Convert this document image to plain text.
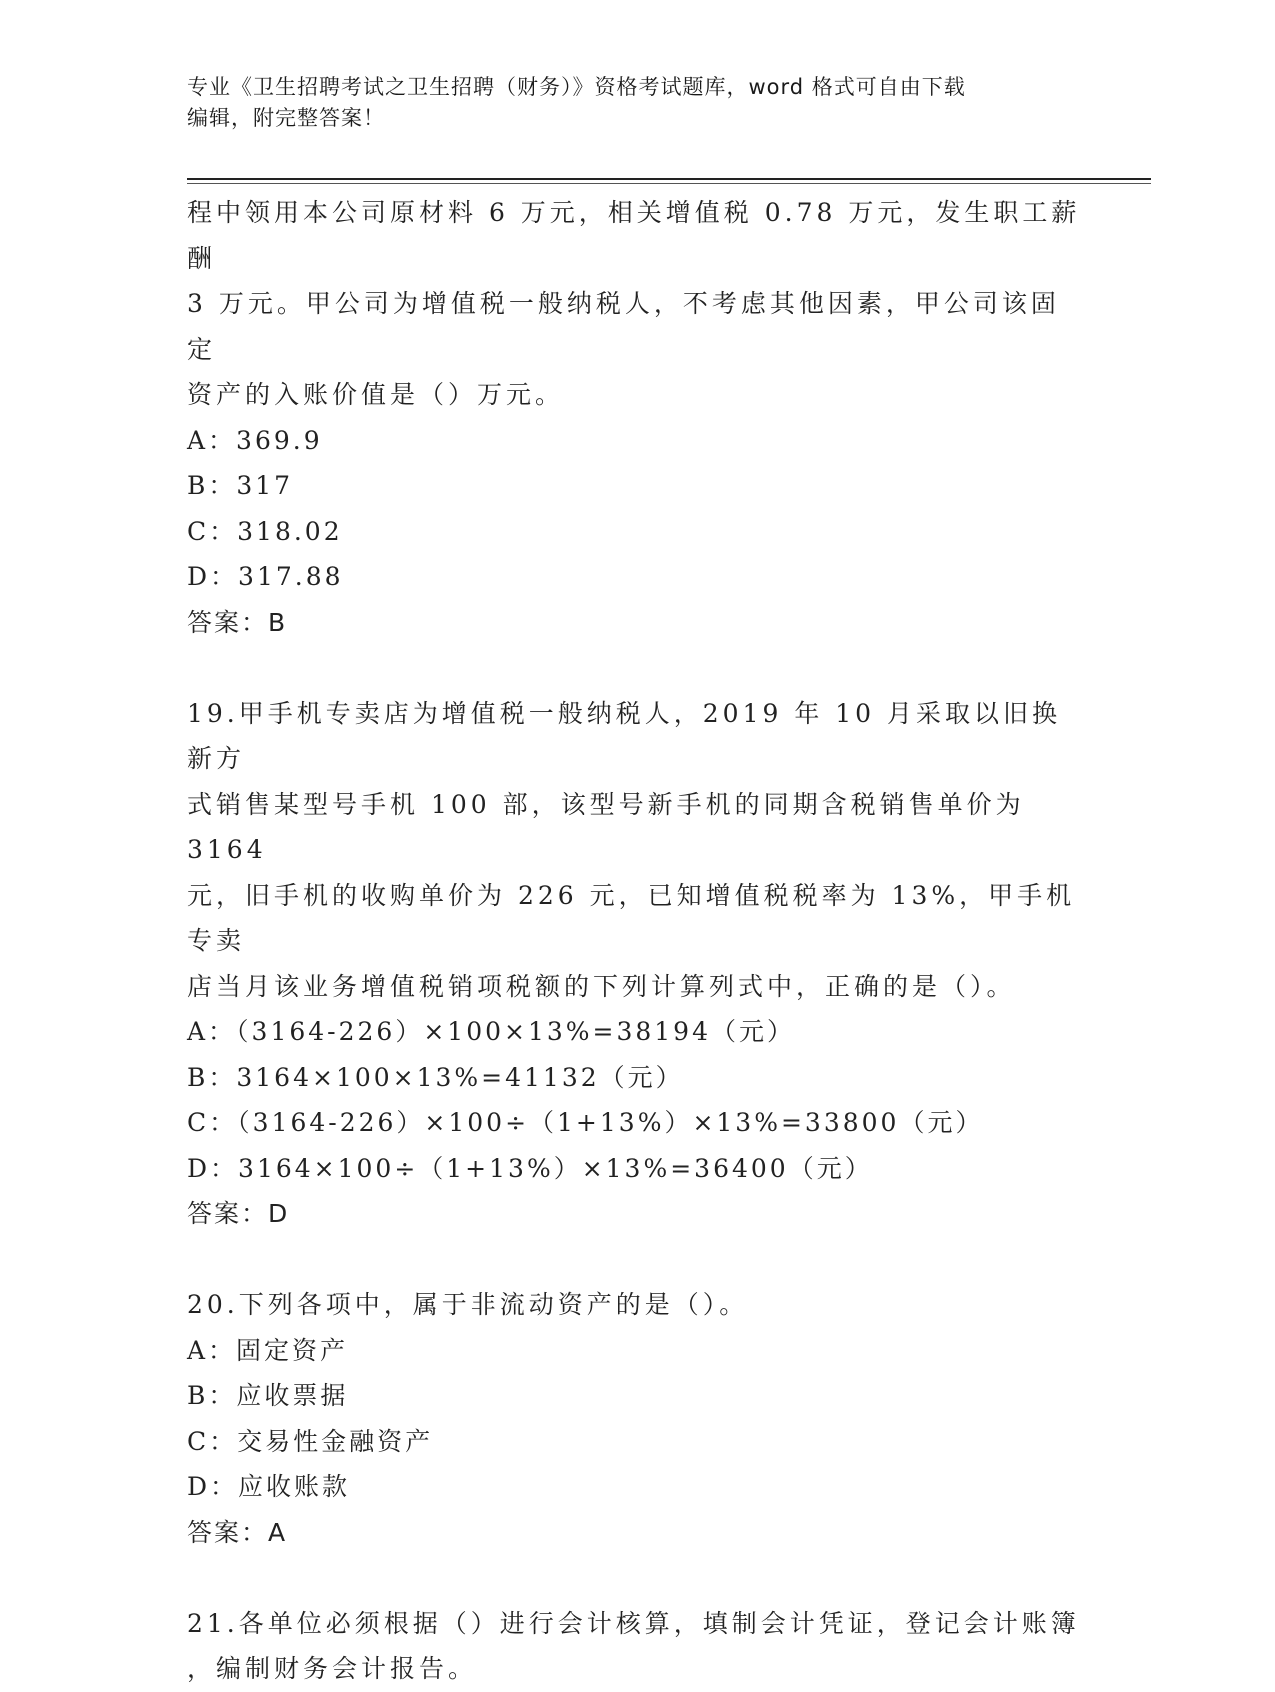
专业《卫生招聘考试之卫生招聘（财务）》资格考试题库，word 格式可自由下载
编辑，附完整答案！

程中领用本公司原材料 6 万元，相关增值税 0.78 万元，发生职工薪酬

3 万元。甲公司为增值税一般纳税人，不考虑其他因素，甲公司该固定

资产的入账价值是（）万元。

A：369.9

B：317

C：318.02

D：317.88

答案：B

19.甲手机专卖店为增值税一般纳税人，2019 年 10 月采取以旧换新方

式销售某型号手机 100 部，该型号新手机的同期含税销售单价为 3164

元，旧手机的收购单价为 226 元，已知增值税税率为 13%，甲手机专卖

店当月该业务增值税销项税额的下列计算列式中，正确的是（）。

A：（3164-226）×100×13%=38194（元）

B：3164×100×13%=41132（元）

C：（3164-226）×100÷（1+13%）×13%=33800（元）

D：3164×100÷（1+13%）×13%=36400（元）

答案：D

20.下列各项中，属于非流动资产的是（）。

A：固定资产

B：应收票据

C：交易性金融资产

D：应收账款

答案：A

21.各单位必须根据（）进行会计核算，填制会计凭证，登记会计账簿

，编制财务会计报告。
